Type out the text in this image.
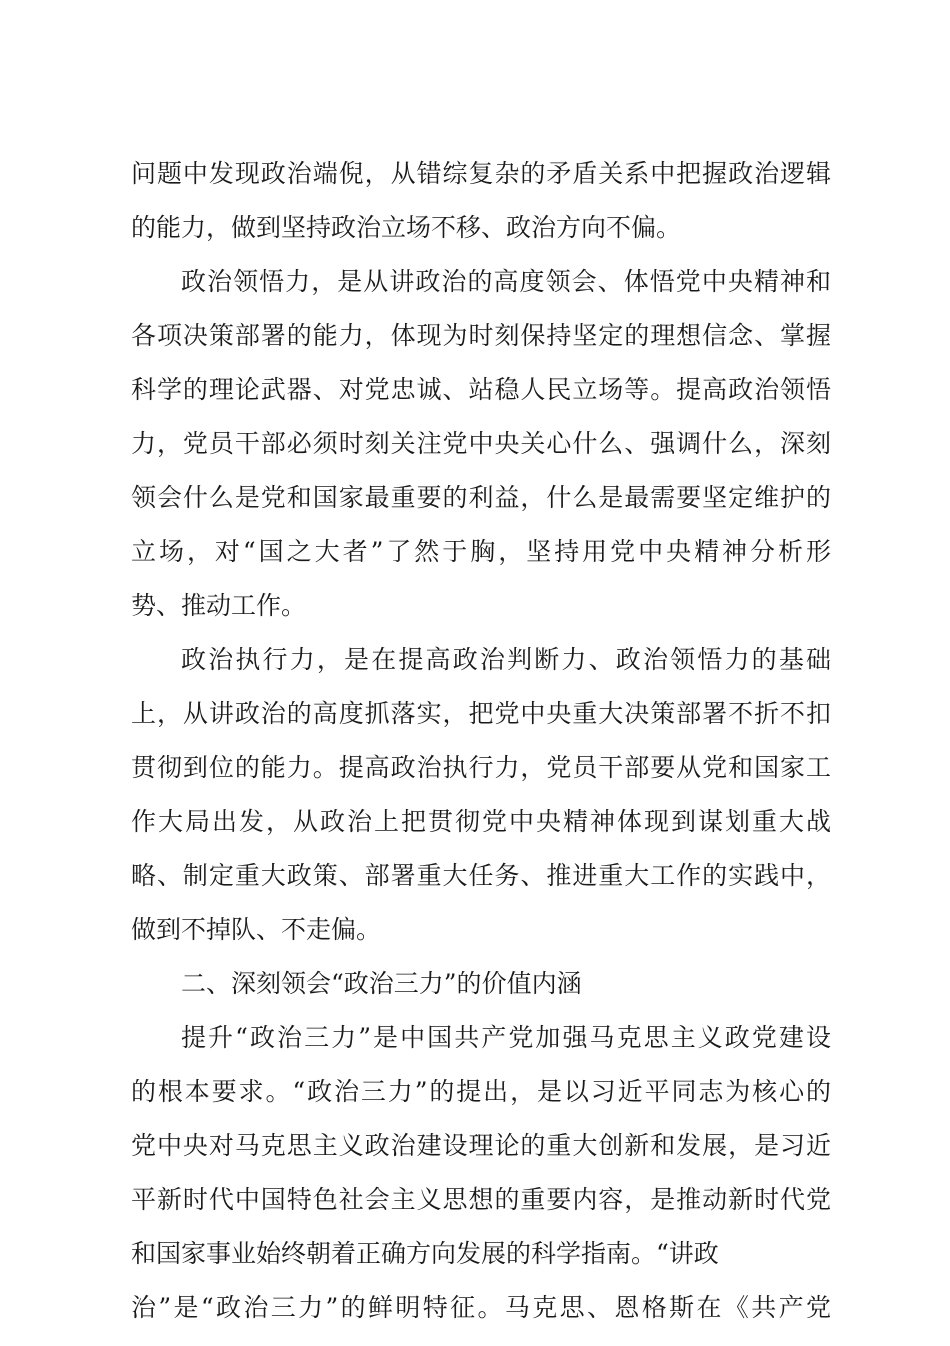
问题中发现政治端倪，从错综复杂的矛盾关系中把握政治逻辑
的能力，做到坚持政治立场不移、政治方向不偏。
政治领悟力，是从讲政治的高度领会、体悟党中央精神和
各项决策部署的能力，体现为时刻保持坚定的理想信念、掌握
科学的理论武器、对党忠诚、站稳人民立场等。提高政治领悟
力，党员干部必须时刻关注党中央关心什么、强调什么，深刻
领会什么是党和国家最重要的利益，什么是最需要坚定维护的
立场，对“国之大者”了然于胸，坚持用党中央精神分析形
势、推动工作。
政治执行力，是在提高政治判断力、政治领悟力的基础
上，从讲政治的高度抓落实，把党中央重大决策部署不折不扣
贯彻到位的能力。提高政治执行力，党员干部要从党和国家工
作大局出发，从政治上把贯彻党中央精神体现到谋划重大战
略、制定重大政策、部署重大任务、推进重大工作的实践中，
做到不掉队、不走偏。
二、深刻领会“政治三力”的价值内涵
提升“政治三力”是中国共产党加强马克思主义政党建设
的根本要求。“政治三力”的提出，是以习近平同志为核心的
党中央对马克思主义政治建设理论的重大创新和发展，是习近
平新时代中国特色社会主义思想的重要内容，是推动新时代党
和国家事业始终朝着正确方向发展的科学指南。“讲政
治”是“政治三力”的鲜明特征。马克思、恩格斯在《共产党
